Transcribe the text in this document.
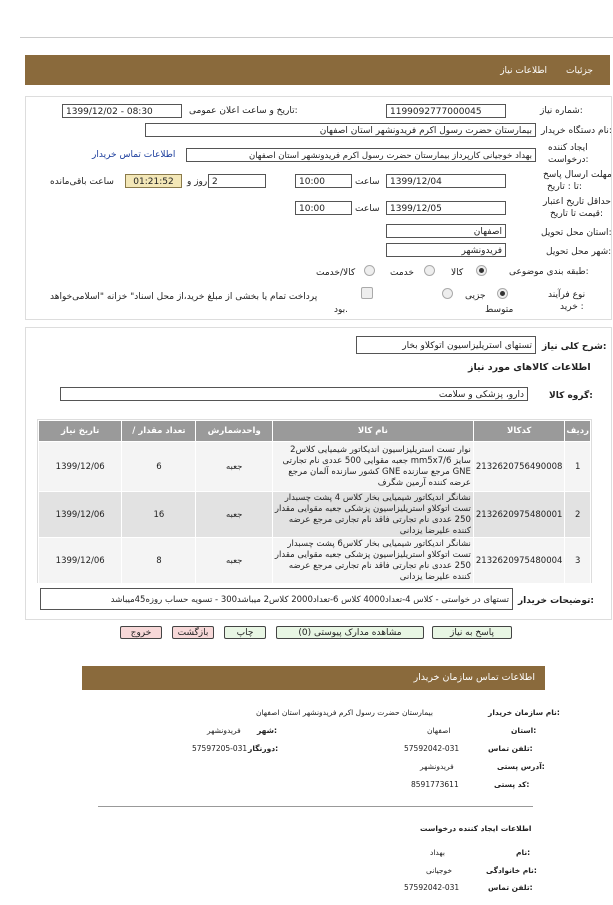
جزئیات
اطلاعات نیاز
شماره نیاز:
1199092777000045
تاریخ و ساعت اعلان عمومی:
1399/12/02 - 08:30
نام دستگاه خریدار:
بیمارستان حضرت رسول اکرم فریدونشهر استان اصفهان
ایجاد کننده
درخواست:
بهداد خوجیانی کارپرداز بیمارستان حضرت رسول اکرم فریدونشهر استان اصفهان
اطلاعات تماس خریدار
مهلت ارسال پاسخ
تا : تاریخ:
1399/12/04
ساعت
10:00
2
روز و
01:21:52
ساعت باقی‌مانده
حداقل تاریخ اعتبار
قیمت تا تاریخ:
1399/12/05
ساعت
10:00
استان محل تحویل:
اصفهان
شهر محل تحویل:
فریدونشهر
طبقه بندی موضوعی:
کالا
خدمت
کالا/خدمت
نوع فرآیند
خرید :
جزیی
متوسط
پرداخت تمام یا بخشی از مبلغ خرید،از محل اسناد" خزانه "اسلامی‌خواهد
بود.
شرح کلی نیاز:
تستهای استریلیزاسیون اتوکلاو بخار
اطلاعات کالاهای مورد نیاز
گروه کالا:
دارو، پزشکی و سلامت
ردیف	کدکالا	نام کالا	واحدشمارش	تعداد مقدار /	تاریخ نیاز
1	2132620756490008	نوار تست استریلیزاسیون اندیکاتور شیمیایی کلاس2 سایز mm5x7/6 جعبه مقوایی 500 عددی نام تجارتی GNE مرجع سازنده GNE کشور سازنده آلمان مرجع عرضه کننده آرمین شگرف	جعبه	6	1399/12/06
2	2132620975480001	نشانگر اندیکاتور شیمیایی بخار کلاس 4 پشت چسبدار تست اتوکلاو استریلیزاسیون پزشکی جعبه مقوایی مقدار 250 عددی نام تجارتی فاقد نام تجارتی مرجع عرضه کننده علیرضا یزدانی	جعبه	16	1399/12/06
3	2132620975480004	نشانگر اندیکاتور شیمیایی بخار کلاس6 پشت چسبدار تست اتوکلاو استریلیزاسیون پزشکی جعبه مقوایی مقدار 250 عددی نام تجارتی فاقد نام تجارتی مرجع عرضه کننده علیرضا یزدانی	جعبه	8	1399/12/06
توضیحات خریدار:
تستهای در خواستی - کلاس 4-تعداد4000 کلاس 6-تعداد2000 کلاس2 میباشد300 - تسویه حساب روزه45میباشد
پاسخ به نیاز
مشاهده مدارک پیوستی (0)
چاپ
بازگشت
خروج
اطلاعات تماس سازمان خریدار
نام سازمان خریدار:
بیمارستان حضرت رسول اکرم فریدونشهر استان اصفهان
استان:
اصفهان
شهر:
فریدونشهر
تلفن تماس:
57592042-031
دورنگار:
57597205-031
آدرس پستی:
فریدونشهر
کد پستی:
8591773611
اطلاعات ایجاد کننده درخواست
نام:
بهداد
نام خانوادگی:
خوجیانی
تلفن تماس:
57592042-031
